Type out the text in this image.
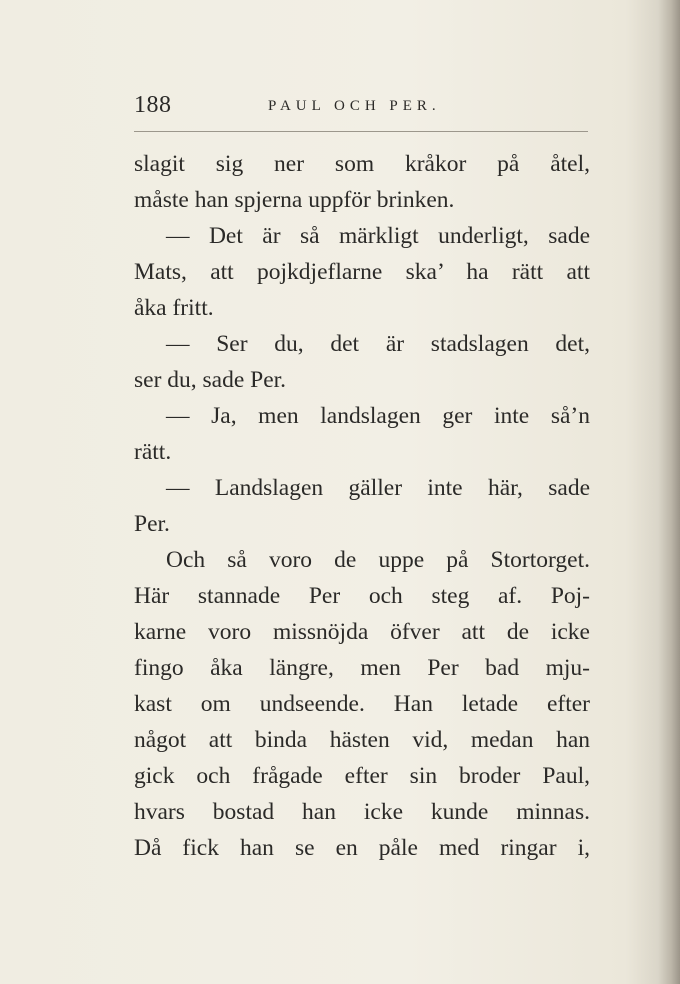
188	PAUL OCH PER.
slagit sig ner som kråkor på åtel,
måste han spjerna uppför brinken.
— Det är så märkligt underligt, sade
Mats, att pojkdjeflarne ska’ ha rätt att
åka fritt.
— Ser du, det är stadslagen det,
ser du, sade Per.
— Ja, men landslagen ger inte så’n
rätt.
— Landslagen gäller inte här, sade
Per.
Och så voro de uppe på Stortorget.
Här stannade Per och steg af. Poj-
karne voro missnöjda öfver att de icke
fingo åka längre, men Per bad mju-
kast om undseende. Han letade efter
något att binda hästen vid, medan han
gick och frågade efter sin broder Paul,
hvars bostad han icke kunde minnas.
Då fick han se en påle med ringar i,
